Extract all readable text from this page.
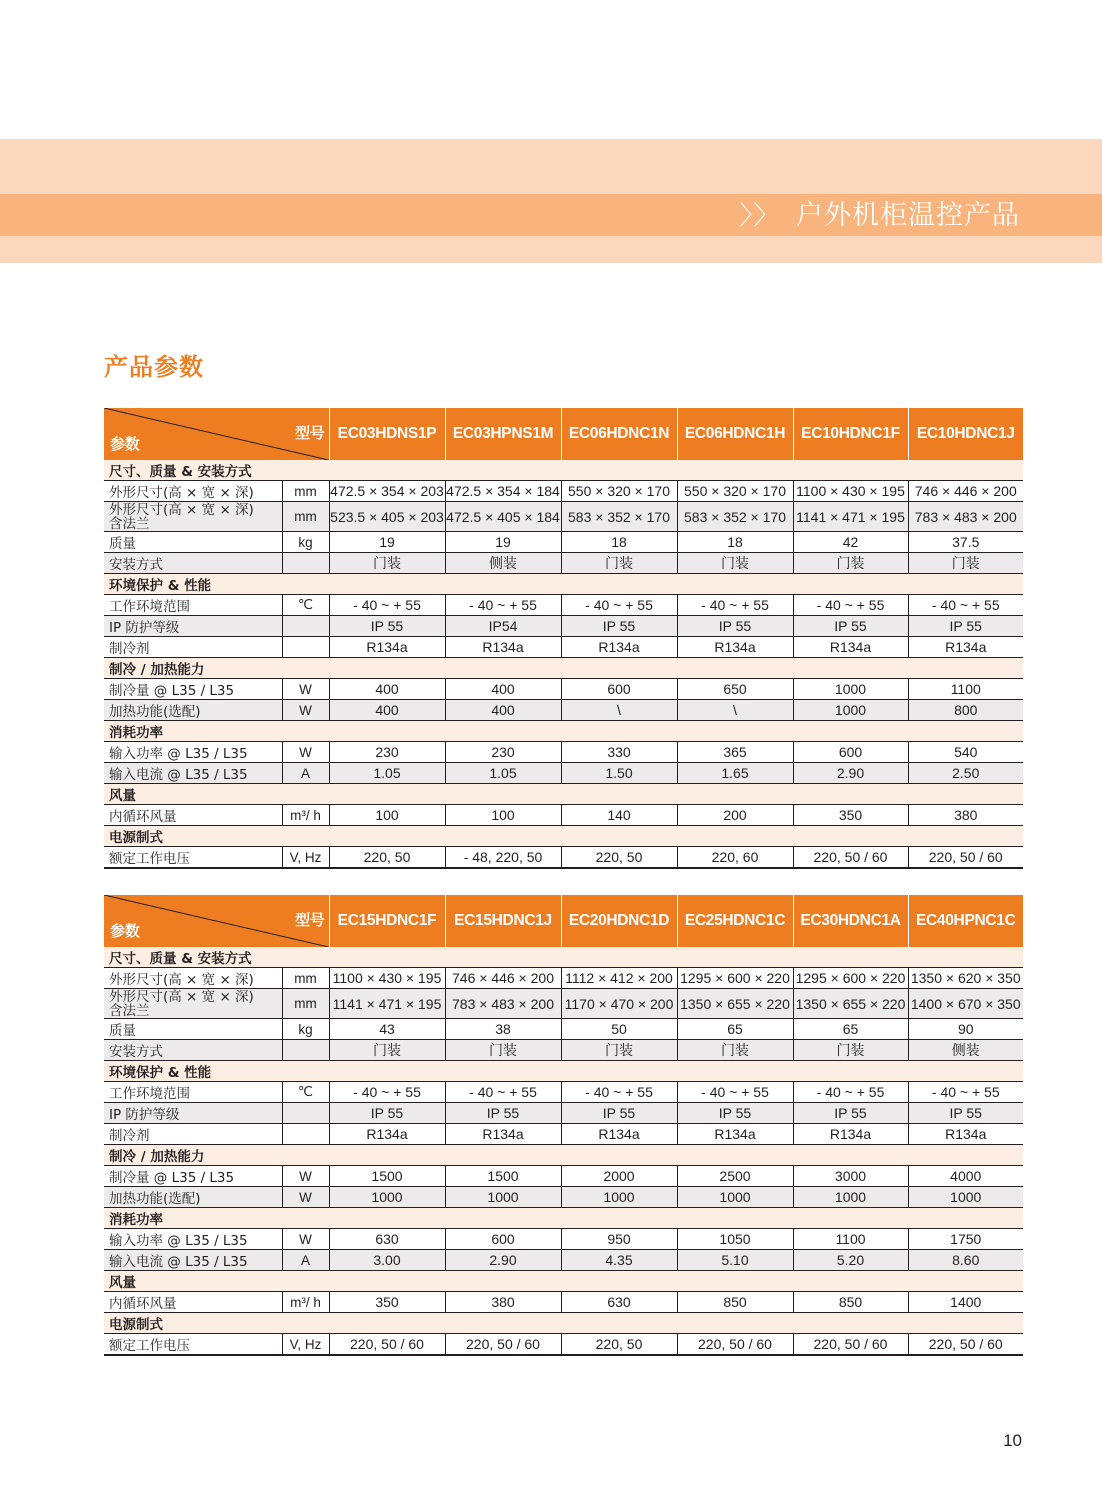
〉〉 户外机柜温控产品
产品参数
参数
型号		EC03HDNS1P	EC03HPNS1M	EC06HDNC1N	EC06HDNC1H	EC10HDNC1F	EC10HDNC1J
尺寸、质量 & 安装方式							
外形尺寸(高 × 宽 × 深)	mm	472.5 × 354 × 203	472.5 × 354 × 184	550 × 320 × 170	550 × 320 × 170	1100 × 430 × 195	746 × 446 × 200

外形尺寸(高 × 宽 × 深)
含法兰	mm	523.5 × 405 × 203	472.5 × 405 × 184	583 × 352 × 170	583 × 352 × 170	1141 × 471 × 195	783 × 483 × 200
质量	kg	19	19	18	18	42	37.5
安装方式		门装	侧装	门装	门装	门装	门装
环境保护 & 性能							
工作环境范围	℃	- 40 ~ + 55	- 40 ~ + 55	- 40 ~ + 55	- 40 ~ + 55	- 40 ~ + 55	- 40 ~ + 55
IP 防护等级		IP 55	IP54	IP 55	IP 55	IP 55	IP 55
制冷剂		R134a	R134a	R134a	R134a	R134a	R134a
制冷 / 加热能力							
制冷量 @ L35 / L35	W	400	400	600	650	1000	1100
加热功能(选配)	W	400	400	\	\	1000	800
消耗功率							
输入功率 @ L35 / L35	W	230	230	330	365	600	540
输入电流 @ L35 / L35	A	1.05	1.05	1.50	1.65	2.90	2.50
风量							
内循环风量	m³/ h	100	100	140	200	350	380
电源制式							
额定工作电压	V, Hz	220, 50	- 48, 220, 50	220, 50	220, 60	220, 50 / 60	220, 50 / 60
参数
型号		EC15HDNC1F	EC15HDNC1J	EC20HDNC1D	EC25HDNC1C	EC30HDNC1A	EC40HPNC1C
尺寸、质量 & 安装方式							
外形尺寸(高 × 宽 × 深)	mm	1100 × 430 × 195	746 × 446 × 200	1112 × 412 × 200	1295 × 600 × 220	1295 × 600 × 220	1350 × 620 × 350

外形尺寸(高 × 宽 × 深)
含法兰	mm	1141 × 471 × 195	783 × 483 × 200	1170 × 470 × 200	1350 × 655 × 220	1350 × 655 × 220	1400 × 670 × 350
质量	kg	43	38	50	65	65	90
安装方式		门装	门装	门装	门装	门装	侧装
环境保护 & 性能							
工作环境范围	℃	- 40 ~ + 55	- 40 ~ + 55	- 40 ~ + 55	- 40 ~ + 55	- 40 ~ + 55	- 40 ~ + 55
IP 防护等级		IP 55	IP 55	IP 55	IP 55	IP 55	IP 55
制冷剂		R134a	R134a	R134a	R134a	R134a	R134a
制冷 / 加热能力							
制冷量 @ L35 / L35	W	1500	1500	2000	2500	3000	4000
加热功能(选配)	W	1000	1000	1000	1000	1000	1000
消耗功率							
输入功率 @ L35 / L35	W	630	600	950	1050	1100	1750
输入电流 @ L35 / L35	A	3.00	2.90	4.35	5.10	5.20	8.60
风量							
内循环风量	m³/ h	350	380	630	850	850	1400
电源制式							
额定工作电压	V, Hz	220, 50 / 60	220, 50 / 60	220, 50	220, 50 / 60	220, 50 / 60	220, 50 / 60
10
